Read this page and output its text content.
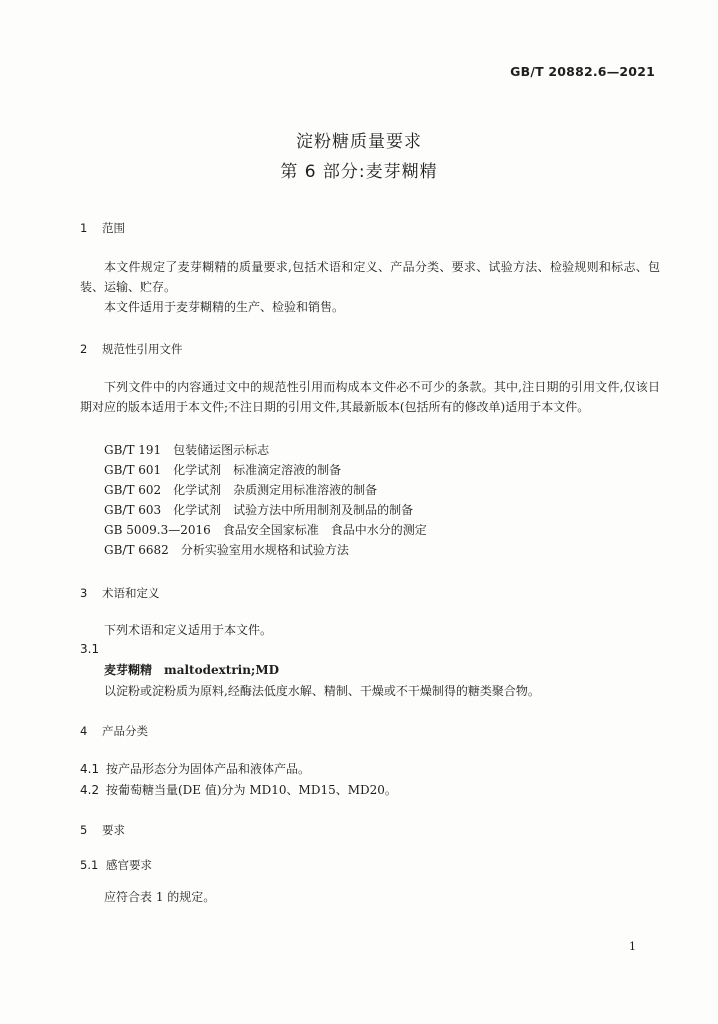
GB/T 20882.6—2021
淀粉糖质量要求
第 6 部分:麦芽糊精
1 范围
本文件规定了麦芽糊精的质量要求,包括术语和定义、产品分类、要求、试验方法、检验规则和标志、包装、运输、贮存。
本文件适用于麦芽糊精的生产、检验和销售。
2 规范性引用文件
下列文件中的内容通过文中的规范性引用而构成本文件必不可少的条款。其中,注日期的引用文件,仅该日期对应的版本适用于本文件;不注日期的引用文件,其最新版本(包括所有的修改单)适用于本文件。
GB/T 191 包装储运图示标志
GB/T 601 化学试剂　标准滴定溶液的制备
GB/T 602 化学试剂　杂质测定用标准溶液的制备
GB/T 603 化学试剂　试验方法中所用制剂及制品的制备
GB 5009.3—2016 食品安全国家标准　食品中水分的测定
GB/T 6682 分析实验室用水规格和试验方法
3 术语和定义
下列术语和定义适用于本文件。
3.1
麦芽糊精 maltodextrin;MD
以淀粉或淀粉质为原料,经酶法低度水解、精制、干燥或不干燥制得的糖类聚合物。
4 产品分类
4.1 按产品形态分为固体产品和液体产品。
4.2 按葡萄糖当量(DE 值)分为 MD10、MD15、MD20。
5 要求
5.1 感官要求
应符合表 1 的规定。
1
